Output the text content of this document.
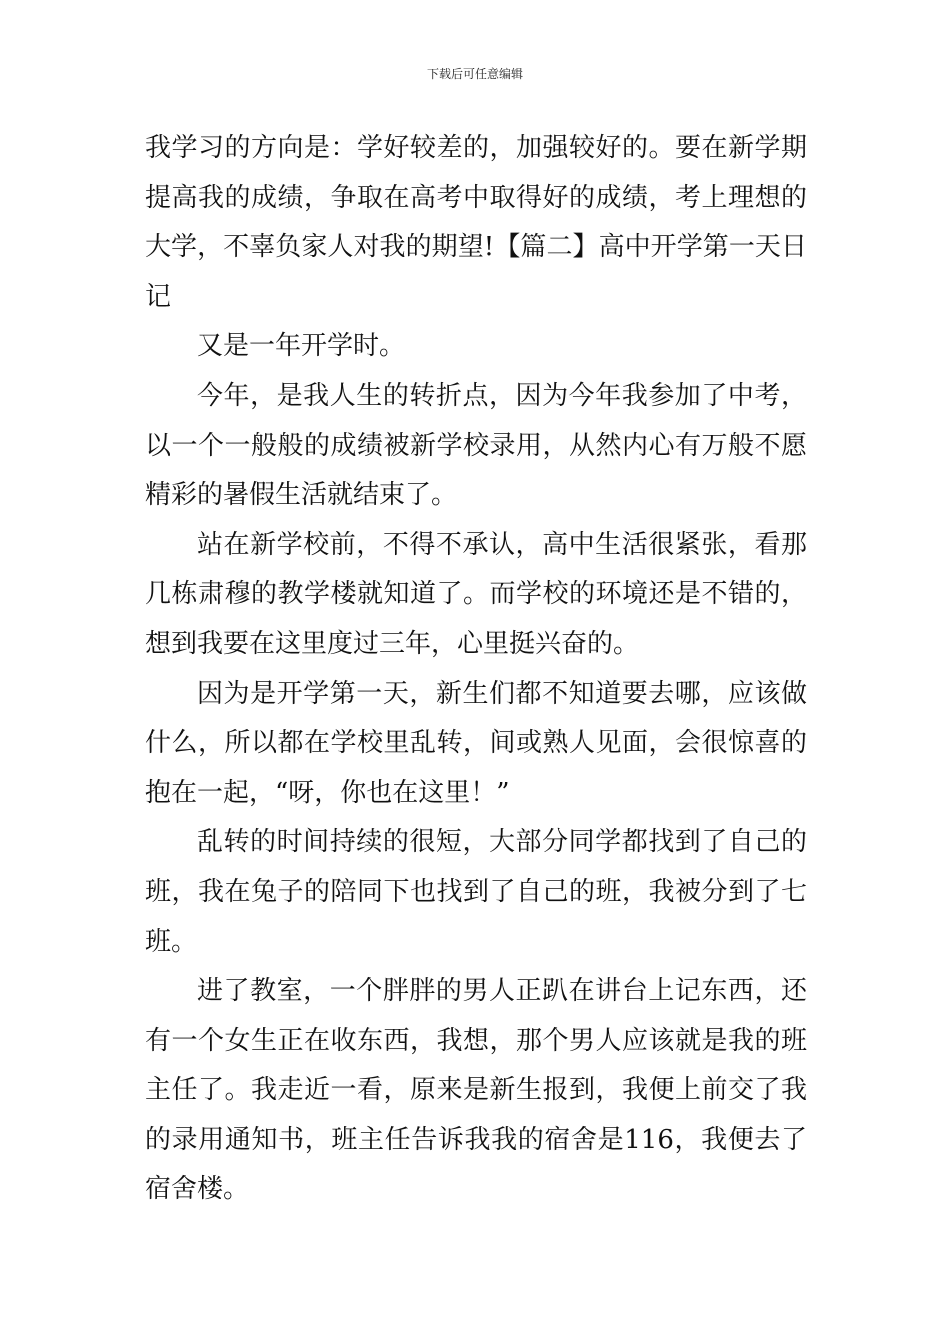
下载后可任意编辑

我学习的方向是：学好较差的，加强较好的。要在新学期提高我的成绩，争取在高考中取得好的成绩，考上理想的大学，不辜负家人对我的期望!【篇二】高中开学第一天日记

又是一年开学时。

今年，是我人生的转折点，因为今年我参加了中考，以一个一般般的成绩被新学校录用，从然内心有万般不愿精彩的暑假生活就结束了。

站在新学校前，不得不承认，高中生活很紧张，看那几栋肃穆的教学楼就知道了。而学校的环境还是不错的，想到我要在这里度过三年，心里挺兴奋的。

因为是开学第一天，新生们都不知道要去哪，应该做什么，所以都在学校里乱转，间或熟人见面，会很惊喜的抱在一起，“呀，你也在这里！”

乱转的时间持续的很短，大部分同学都找到了自己的班，我在兔子的陪同下也找到了自己的班，我被分到了七班。

进了教室，一个胖胖的男人正趴在讲台上记东西，还有一个女生正在收东西，我想，那个男人应该就是我的班主任了。我走近一看，原来是新生报到，我便上前交了我的录用通知书，班主任告诉我我的宿舍是116，我便去了宿舍楼。
